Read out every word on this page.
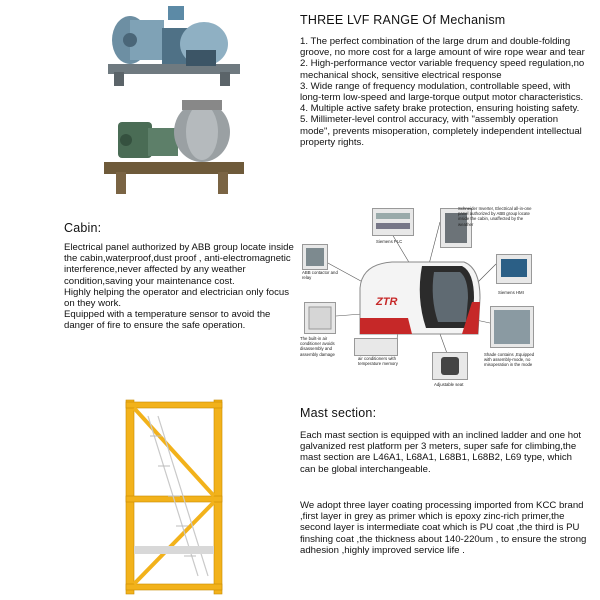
THREE LVF RANGE Of Mechanism

1. The perfect combination of the large drum and double-folding groove, no more cost for a large amount of wire rope wear and tear

2. High-performance vector variable frequency speed regulation,no mechanical shock, sensitive electrical response

3. Wide range of frequency modulation, controllable speed, with long-term low-speed and large-torque output motor characteristics.

4. Multiple active safety brake protection, ensuring hoisting safety.

5. Millimeter-level control accuracy, with "assembly operation mode", prevents misoperation, completely independent intellectual property rights.

Cabin:

Electrical panel authorized by ABB group locate inside the cabin,waterproof,dust proof , anti-electromagnetic interference,never affected by any weather condition,saving your maintenance cost.

Highly helping the operator and electrician only focus on they work.

Equipped with a temperature sensor to avoid the danger of fire to ensure the safe operation.

ZTR
Siemens PLC
Schneider Inverter, Electrical all-in-one panel authorized by ABB group locate inside the cabin, unaffected by the weather
ABB contactor and relay
Siemens HMI
The built-in air conditioner avoids disassembly and assembly damage
air conditioners with temperature memory
Adjustable seat
Shade contains ,Equipped with assembly-mode, no misoperation in the mode
Mast section:
Each mast section is equipped with an inclined ladder and one hot galvanized rest platform per 3 meters, super safe for climbing,the mast section are L46A1, L68A1, L68B1, L68B2, L69 type, which can be global interchangeable.
We adopt three layer coating processing imported from KCC brand ,first layer in grey as primer which is epoxy zinc-rich primer,the second layer is intermediate coat which is PU coat ,the third is PU finshing coat ,the thickness about 140-220um , to ensure the strong adhesion ,highly improved service life .
